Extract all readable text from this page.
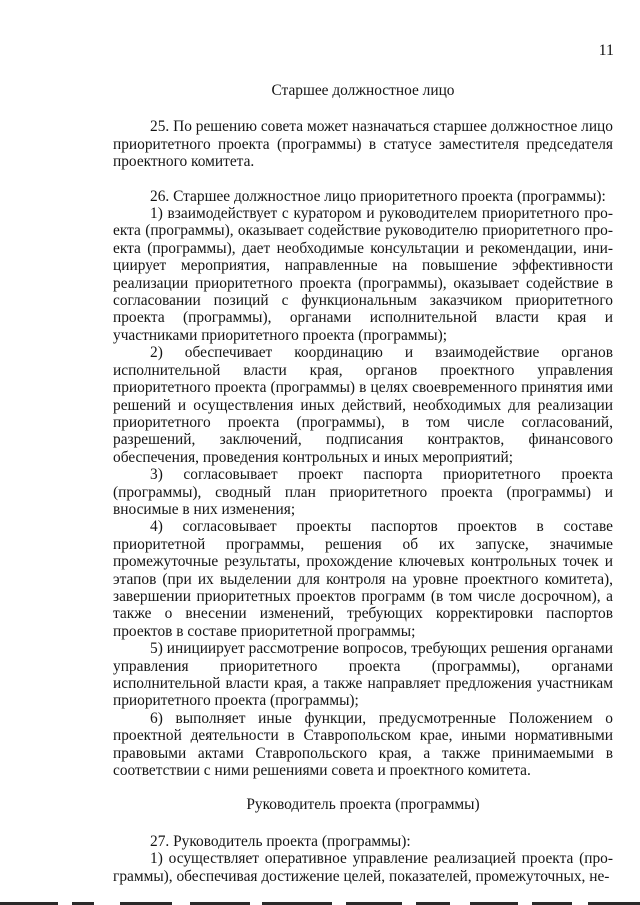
11
Старшее должностное лицо

25. По решению совета может назначаться старшее должностное лицо приоритетного проекта (программы) в статусе заместителя председателя проектного комитета.

26. Старшее должностное лицо приоритетного проекта (программы):

1) взаимодействует с куратором и руководителем приоритетного проекта (программы), оказывает содействие руководителю приоритетного проекта (программы), дает необходимые консультации и рекомендации, инициирует мероприятия, направленные на повышение эффективности реализации приоритетного проекта (программы), оказывает содействие в согласовании позиций с функциональным заказчиком приоритетного проекта (программы), органами исполнительной власти края и участниками приоритетного проекта (программы);

2) обеспечивает координацию и взаимодействие органов исполнительной власти края, органов проектного управления приоритетного проекта (программы) в целях своевременного принятия ими решений и осуществления иных действий, необходимых для реализации приоритетного проекта (программы), в том числе согласований, разрешений, заключений, подписания контрактов, финансового обеспечения, проведения контрольных и иных мероприятий;

3) согласовывает проект паспорта приоритетного проекта (программы), сводный план приоритетного проекта (программы) и вносимые в них изменения;

4) согласовывает проекты паспортов проектов в составе приоритетной программы, решения об их запуске, значимые промежуточные результаты, прохождение ключевых контрольных точек и этапов (при их выделении для контроля на уровне проектного комитета), завершении приоритетных проектов программ (в том числе досрочном), а также о внесении изменений, требующих корректировки паспортов проектов в составе приоритетной программы;

5) инициирует рассмотрение вопросов, требующих решения органами управления приоритетного проекта (программы), органами исполнительной власти края, а также направляет предложения участникам приоритетного проекта (программы);

6) выполняет иные функции, предусмотренные Положением о проектной деятельности в Ставропольском крае, иными нормативными правовыми актами Ставропольского края, а также принимаемыми в соответствии с ними решениями совета и проектного комитета.

Руководитель проекта (программы)

27. Руководитель проекта (программы):

1) осуществляет оперативное управление реализацией проекта (программы), обеспечивая достижение целей, показателей, промежуточных, не-
